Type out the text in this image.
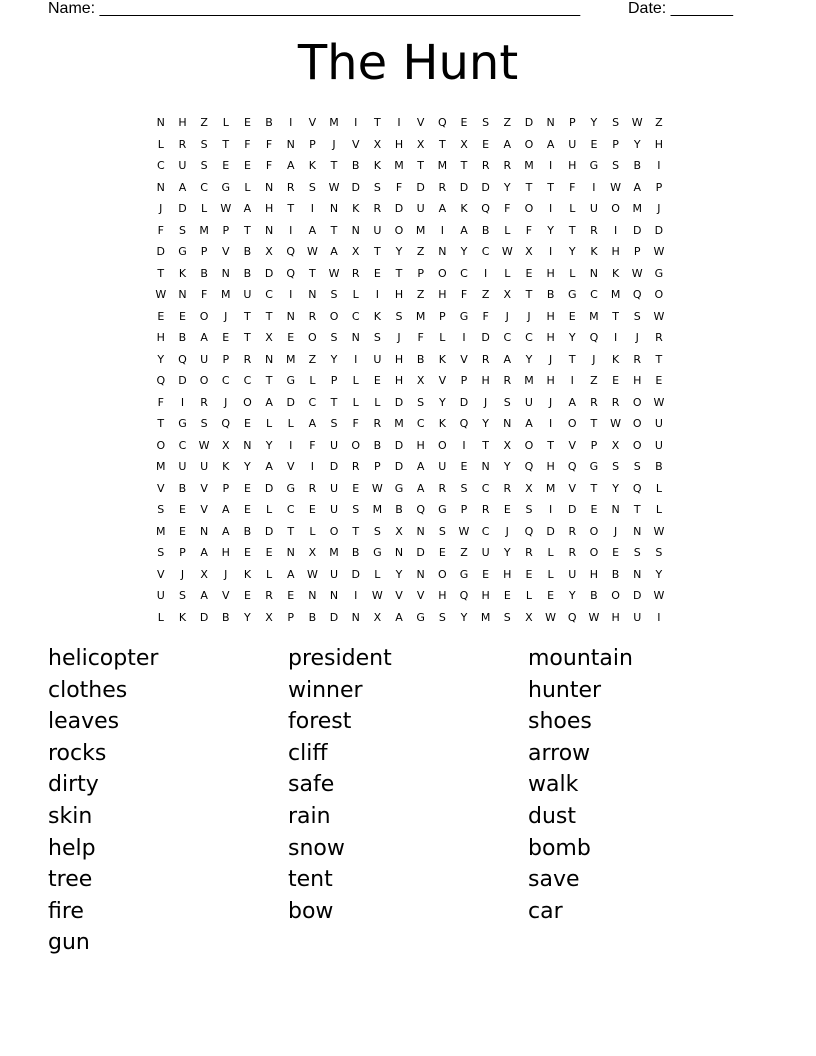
Name: ______________________________________________________

	Date: _______

The Hunt
N	H	Z	L	E	B	I	V	M	I	T	I	V	Q	E	S	Z	D	N	P	Y	S	W	Z
L	R	S	T	F	F	N	P	J	V	X	H	X	T	X	E	A	O	A	U	E	P	Y	H
C	U	S	E	E	F	A	K	T	B	K	M	T	M	T	R	R	M	I	H	G	S	B	I
N	A	C	G	L	N	R	S	W	D	S	F	D	R	D	D	Y	T	T	F	I	W	A	P
J	D	L	W	A	H	T	I	N	K	R	D	U	A	K	Q	F	O	I	L	U	O	M	J
F	S	M	P	T	N	I	A	T	N	U	O	M	I	A	B	L	F	Y	T	R	I	D	D
D	G	P	V	B	X	Q	W	A	X	T	Y	Z	N	Y	C	W	X	I	Y	K	H	P	W
T	K	B	N	B	D	Q	T	W	R	E	T	P	O	C	I	L	E	H	L	N	K	W	G
W	N	F	M	U	C	I	N	S	L	I	H	Z	H	F	Z	X	T	B	G	C	M	Q	O
E	E	O	J	T	T	N	R	O	C	K	S	M	P	G	F	J	J	H	E	M	T	S	W
H	B	A	E	T	X	E	O	S	N	S	J	F	L	I	D	C	C	H	Y	Q	I	J	R
Y	Q	U	P	R	N	M	Z	Y	I	U	H	B	K	V	R	A	Y	J	T	J	K	R	T
Q	D	O	C	C	T	G	L	P	L	E	H	X	V	P	H	R	M	H	I	Z	E	H	E
F	I	R	J	O	A	D	C	T	L	L	D	S	Y	D	J	S	U	J	A	R	R	O	W
T	G	S	Q	E	L	L	A	S	F	R	M	C	K	Q	Y	N	A	I	O	T	W	O	U
O	C	W	X	N	Y	I	F	U	O	B	D	H	O	I	T	X	O	T	V	P	X	O	U
M	U	U	K	Y	A	V	I	D	R	P	D	A	U	E	N	Y	Q	H	Q	G	S	S	B
V	B	V	P	E	D	G	R	U	E	W	G	A	R	S	C	R	X	M	V	T	Y	Q	L
S	E	V	A	E	L	C	E	U	S	M	B	Q	G	P	R	E	S	I	D	E	N	T	L
M	E	N	A	B	D	T	L	O	T	S	X	N	S	W	C	J	Q	D	R	O	J	N	W
S	P	A	H	E	E	N	X	M	B	G	N	D	E	Z	U	Y	R	L	R	O	E	S	S
V	J	X	J	K	L	A	W	U	D	L	Y	N	O	G	E	H	E	L	U	H	B	N	Y
U	S	A	V	E	R	E	N	N	I	W	V	V	H	Q	H	E	L	E	Y	B	O	D	W
L	K	D	B	Y	X	P	B	D	N	X	A	G	S	Y	M	S	X	W	Q	W	H	U	I
helicopter	president	mountain
clothes	winner	hunter
leaves	forest	shoes
rocks	cliff	arrow
dirty	safe	walk
skin	rain	dust
help	snow	bomb
tree	tent	save
fire	bow	car
gun
